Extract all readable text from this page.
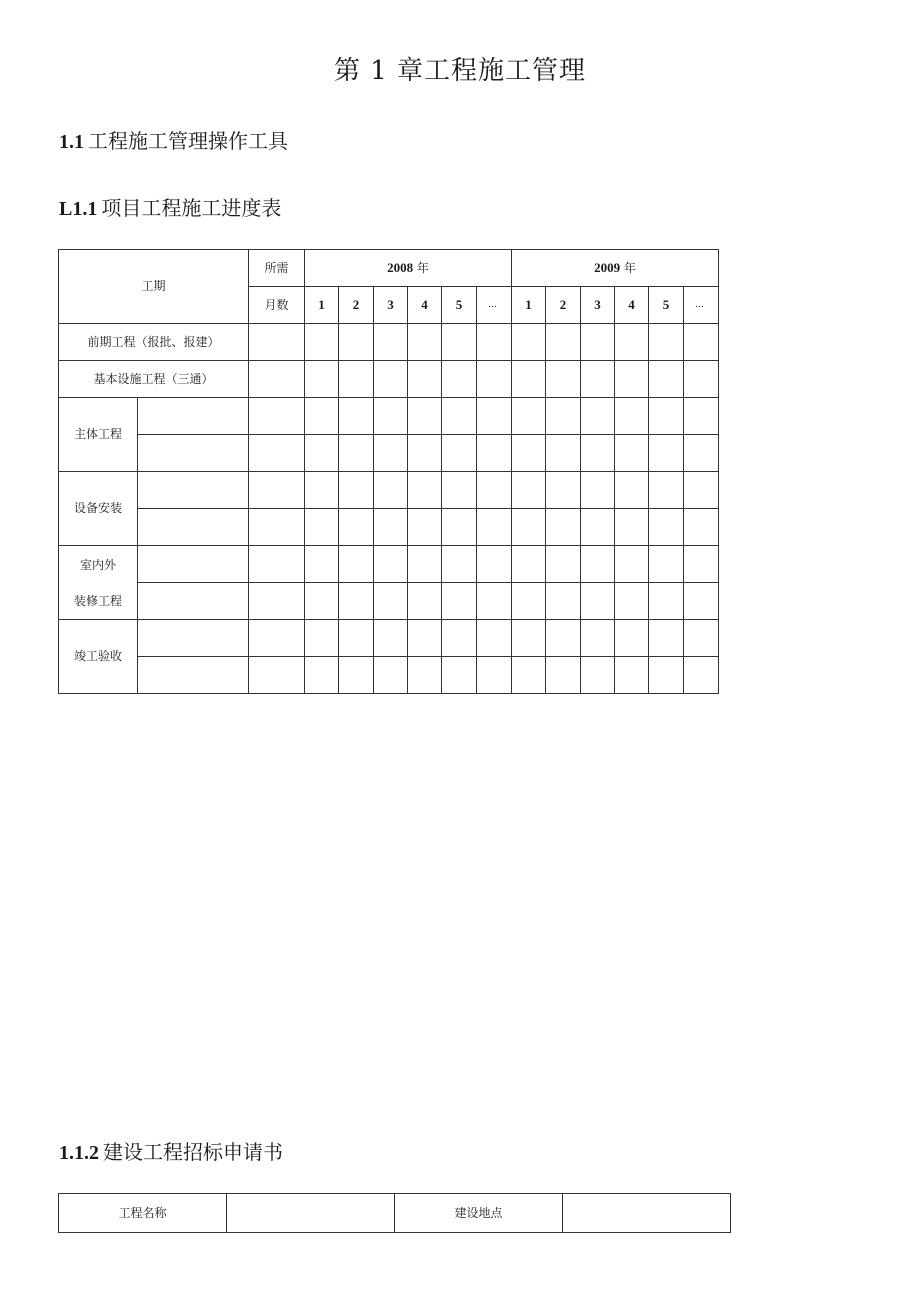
第 1 章工程施工管理
1.1 工程施工管理操作工具
L1.1 项目工程施工进度表
工期		所需	2008 年						2009 年					
		月数	1	2	3	4	5	…	1	2	3	4	5	…
前期工程（报批、报建）														
基本设施工程（三通）														
主体工程														

设备安装														

室内外
装修工程														

竣工验收														

1.1.2 建设工程招标申请书
工程名称		建设地点	
